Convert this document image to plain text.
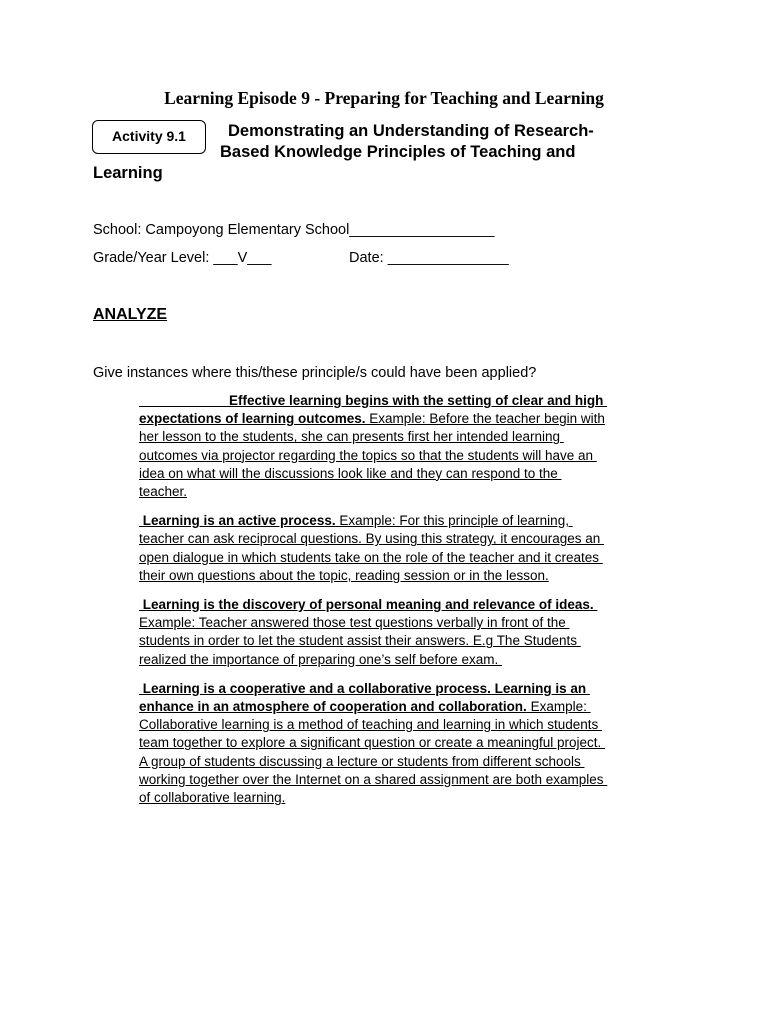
Learning Episode 9 - Preparing for Teaching and Learning
Activity 9.1	Demonstrating an Understanding of Research-
Based Knowledge Principles of Teaching and
Learning
School: Campoyong Elementary School__________________
Grade/Year Level: ___V___	Date: _______________
ANALYZE
Give instances where this/these principle/s could have been applied?
Effective learning begins with the setting of clear and high
expectations of learning outcomes. Example: Before the teacher begin with
her lesson to the students, she can presents first her intended learning
outcomes via projector regarding the topics so that the students will have an
idea on what will the discussions look like and they can respond to the
teacher.
Learning is an active process. Example: For this principle of learning,
teacher can ask reciprocal questions. By using this strategy, it encourages an
open dialogue in which students take on the role of the teacher and it creates
their own questions about the topic, reading session or in the lesson.
Learning is the discovery of personal meaning and relevance of ideas.
Example: Teacher answered those test questions verbally in front of the
students in order to let the student assist their answers. E.g The Students
realized the importance of preparing one’s self before exam.
Learning is a cooperative and a collaborative process. Learning is an
enhance in an atmosphere of cooperation and collaboration. Example:
Collaborative learning is a method of teaching and learning in which students
team together to explore a significant question or create a meaningful project.
A group of students discussing a lecture or students from different schools
working together over the Internet on a shared assignment are both examples
of collaborative learning.
